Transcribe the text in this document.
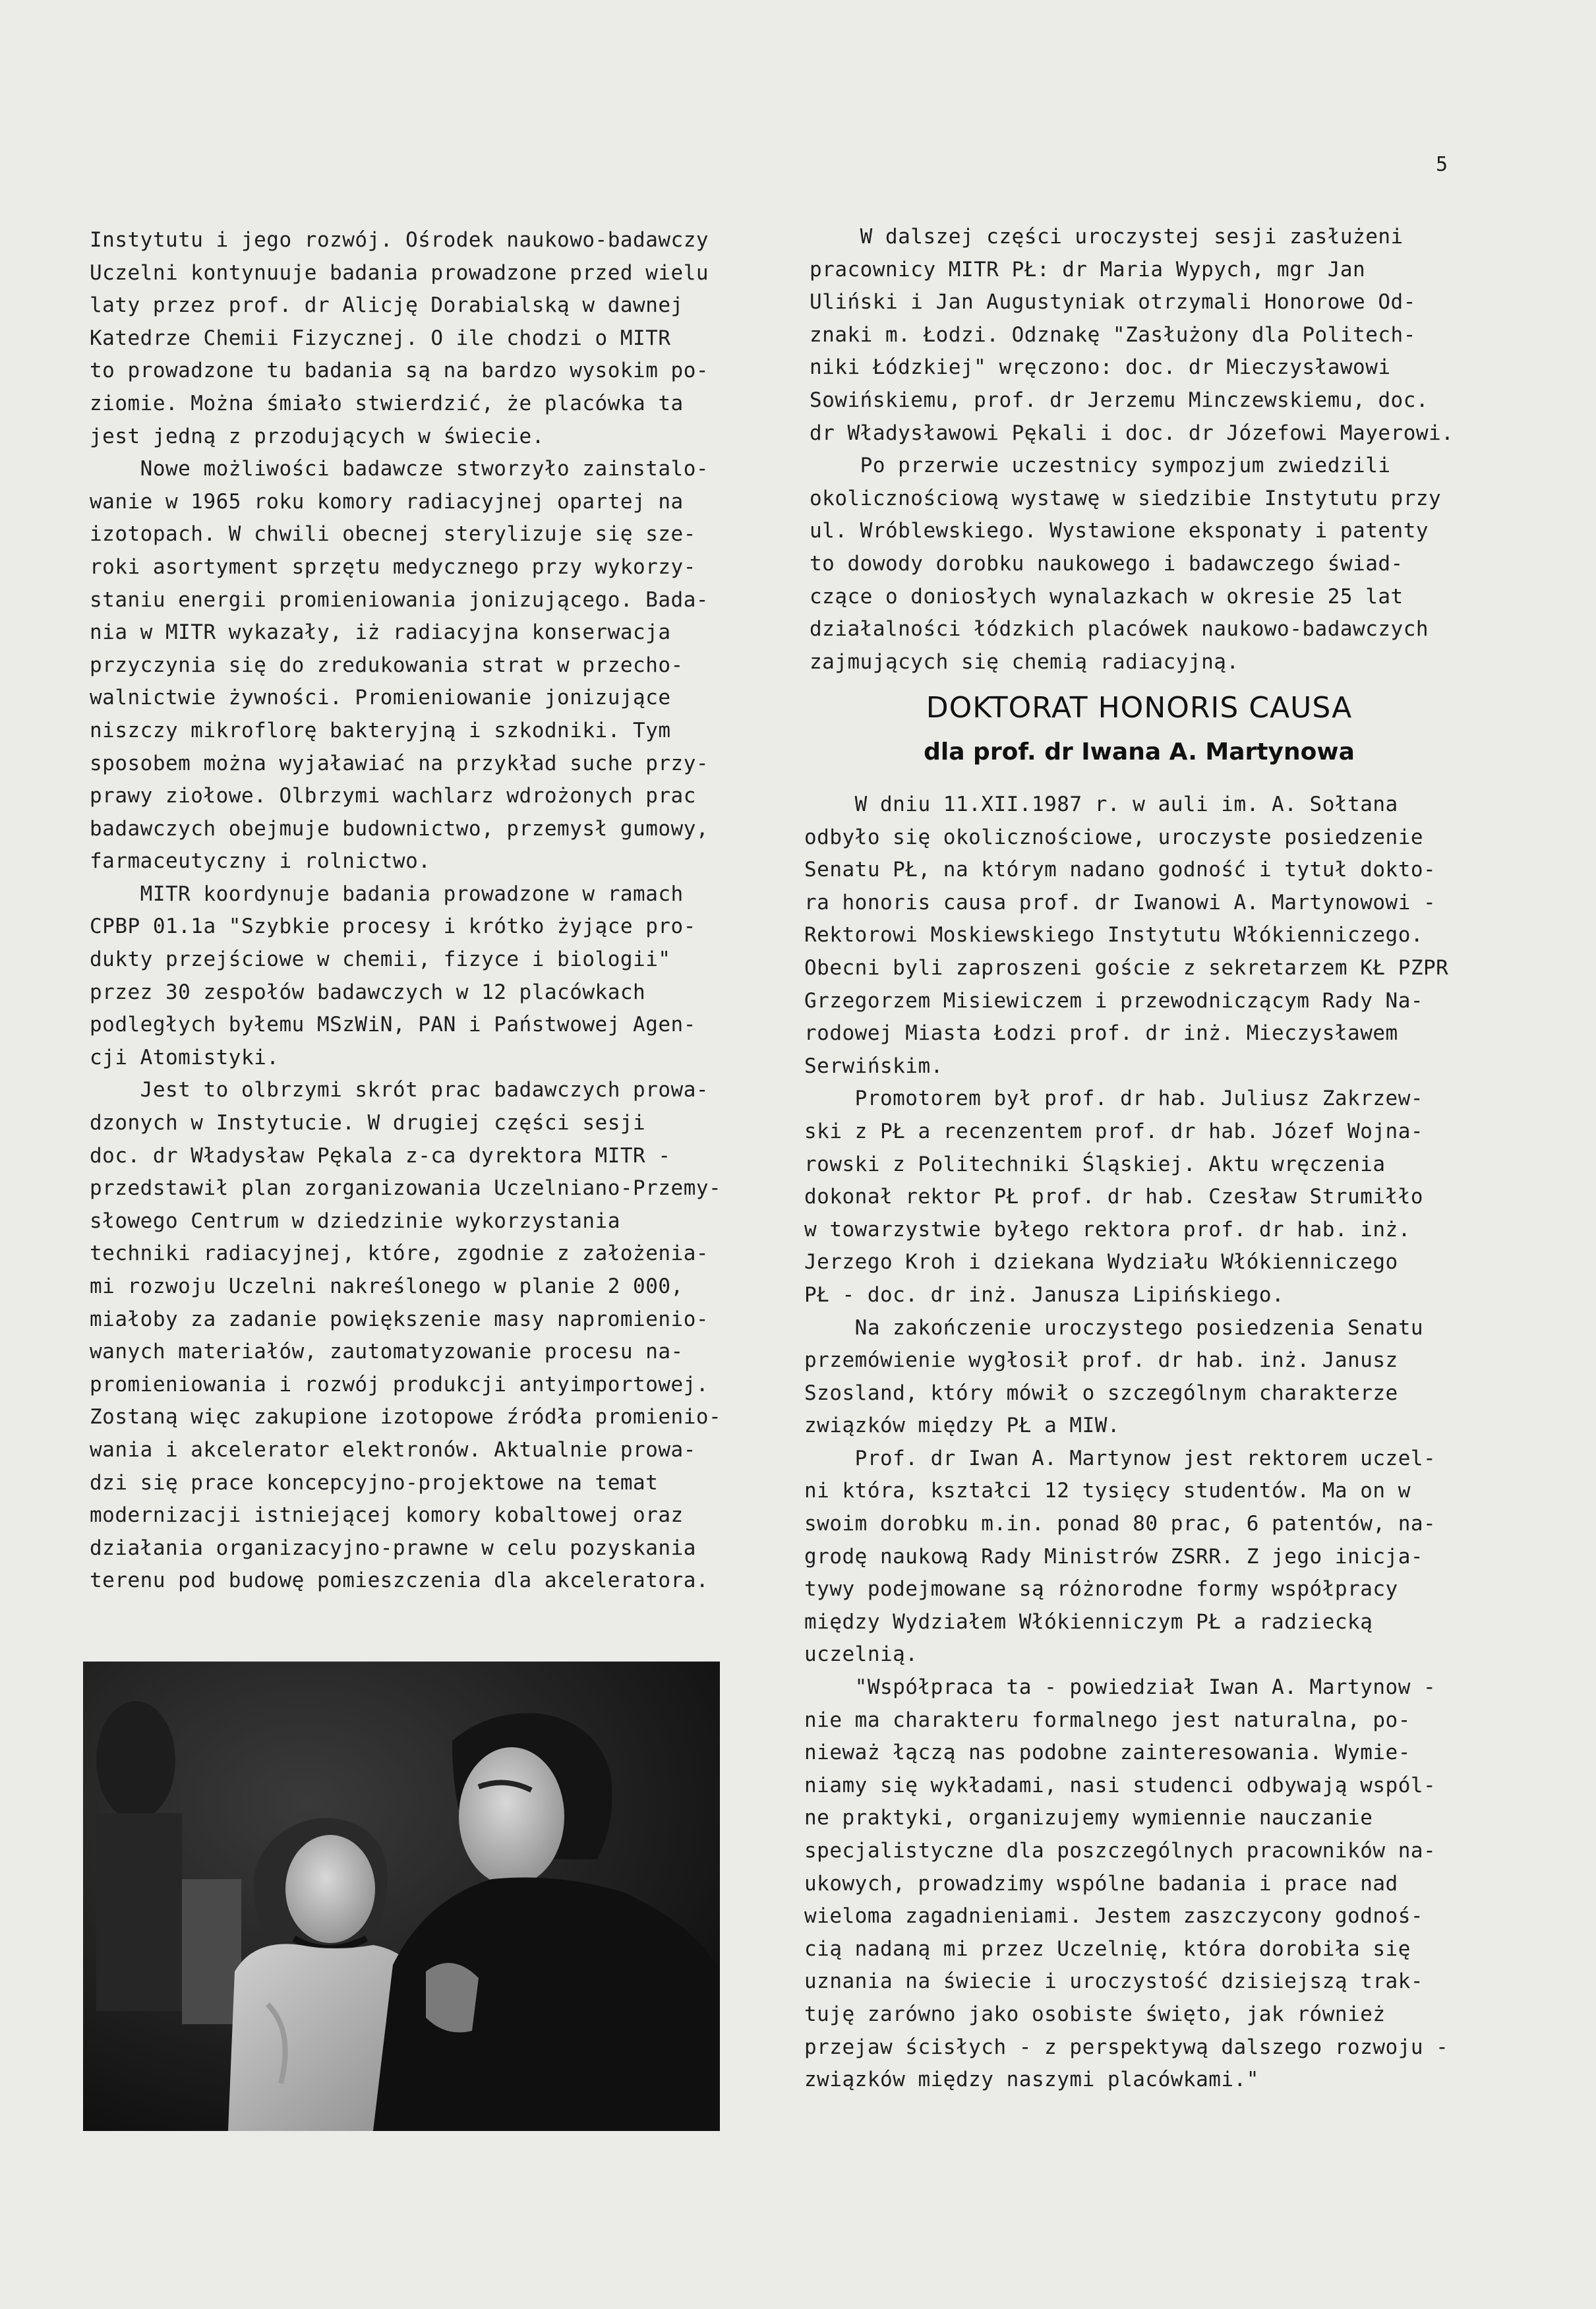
5
Instytutu i jego rozwój. Ośrodek naukowo-badawczy
Uczelni kontynuuje badania prowadzone przed wielu
laty przez prof. dr Alicję Dorabialską w dawnej
Katedrze Chemii Fizycznej. O ile chodzi o MITR
to prowadzone tu badania są na bardzo wysokim po-
ziomie. Można śmiało stwierdzić, że placówka ta
jest jedną z przodujących w świecie.
Nowe możliwości badawcze stworzyło zainstalo-
wanie w 1965 roku komory radiacyjnej opartej na
izotopach. W chwili obecnej sterylizuje się sze-
roki asortyment sprzętu medycznego przy wykorzy-
staniu energii promieniowania jonizującego. Bada-
nia w MITR wykazały, iż radiacyjna konserwacja
przyczynia się do zredukowania strat w przecho-
walnictwie żywności. Promieniowanie jonizujące
niszczy mikroflorę bakteryjną i szkodniki. Tym
sposobem można wyjaławiać na przykład suche przy-
prawy ziołowe. Olbrzymi wachlarz wdrożonych prac
badawczych obejmuje budownictwo, przemysł gumowy,
farmaceutyczny i rolnictwo.
MITR koordynuje badania prowadzone w ramach
CPBP 01.1a "Szybkie procesy i krótko żyjące pro-
dukty przejściowe w chemii, fizyce i biologii"
przez 30 zespołów badawczych w 12 placówkach
podległych byłemu MSzWiN, PAN i Państwowej Agen-
cji Atomistyki.
Jest to olbrzymi skrót prac badawczych prowa-
dzonych w Instytucie. W drugiej części sesji
doc. dr Władysław Pękala z-ca dyrektora MITR -
przedstawił plan zorganizowania Uczelniano-Przemy-
słowego Centrum w dziedzinie wykorzystania
techniki radiacyjnej, które, zgodnie z założenia-
mi rozwoju Uczelni nakreślonego w planie 2 000,
miałoby za zadanie powiększenie masy napromienio-
wanych materiałów, zautomatyzowanie procesu na-
promieniowania i rozwój produkcji antyimportowej.
Zostaną więc zakupione izotopowe źródła promienio-
wania i akcelerator elektronów. Aktualnie prowa-
dzi się prace koncepcyjno-projektowe na temat
modernizacji istniejącej komory kobaltowej oraz
działania organizacyjno-prawne w celu pozyskania
terenu pod budowę pomieszczenia dla akceleratora.
W dalszej części uroczystej sesji zasłużeni
pracownicy MITR PŁ: dr Maria Wypych, mgr Jan
Uliński i Jan Augustyniak otrzymali Honorowe Od-
znaki m. Łodzi. Odznakę "Zasłużony dla Politech-
niki Łódzkiej" wręczono: doc. dr Mieczysławowi
Sowińskiemu, prof. dr Jerzemu Minczewskiemu, doc.
dr Władysławowi Pękali i doc. dr Józefowi Mayerowi.
Po przerwie uczestnicy sympozjum zwiedzili
okolicznościową wystawę w siedzibie Instytutu przy
ul. Wróblewskiego. Wystawione eksponaty i patenty
to dowody dorobku naukowego i badawczego świad-
czące o doniosłych wynalazkach w okresie 25 lat
działalności łódzkich placówek naukowo-badawczych
zajmujących się chemią radiacyjną.
DOKTORAT HONORIS CAUSA
dla prof. dr Iwana A. Martynowa
W dniu 11.XII.1987 r. w auli im. A. Sołtana
odbyło się okolicznościowe, uroczyste posiedzenie
Senatu PŁ, na którym nadano godność i tytuł dokto-
ra honoris causa prof. dr Iwanowi A. Martynowowi -
Rektorowi Moskiewskiego Instytutu Włókienniczego.
Obecni byli zaproszeni goście z sekretarzem KŁ PZPR
Grzegorzem Misiewiczem i przewodniczącym Rady Na-
rodowej Miasta Łodzi prof. dr inż. Mieczysławem
Serwińskim.
Promotorem był prof. dr hab. Juliusz Zakrzew-
ski z PŁ a recenzentem prof. dr hab. Józef Wojna-
rowski z Politechniki Śląskiej. Aktu wręczenia
dokonał rektor PŁ prof. dr hab. Czesław Strumiłło
w towarzystwie byłego rektora prof. dr hab. inż.
Jerzego Kroh i dziekana Wydziału Włókienniczego
PŁ - doc. dr inż. Janusza Lipińskiego.
Na zakończenie uroczystego posiedzenia Senatu
przemówienie wygłosił prof. dr hab. inż. Janusz
Szosland, który mówił o szczególnym charakterze
związków między PŁ a MIW.
Prof. dr Iwan A. Martynow jest rektorem uczel-
ni która, kształci 12 tysięcy studentów. Ma on w
swoim dorobku m.in. ponad 80 prac, 6 patentów, na-
grodę naukową Rady Ministrów ZSRR. Z jego inicja-
tywy podejmowane są różnorodne formy współpracy
między Wydziałem Włókienniczym PŁ a radziecką
uczelnią.
"Współpraca ta - powiedział Iwan A. Martynow -
nie ma charakteru formalnego jest naturalna, po-
nieważ łączą nas podobne zainteresowania. Wymie-
niamy się wykładami, nasi studenci odbywają wspól-
ne praktyki, organizujemy wymiennie nauczanie
specjalistyczne dla poszczególnych pracowników na-
ukowych, prowadzimy wspólne badania i prace nad
wieloma zagadnieniami. Jestem zaszczycony godnoś-
cią nadaną mi przez Uczelnię, która dorobiła się
uznania na świecie i uroczystość dzisiejszą trak-
tuję zarówno jako osobiste święto, jak również
przejaw ścisłych - z perspektywą dalszego rozwoju -
związków między naszymi placówkami."
